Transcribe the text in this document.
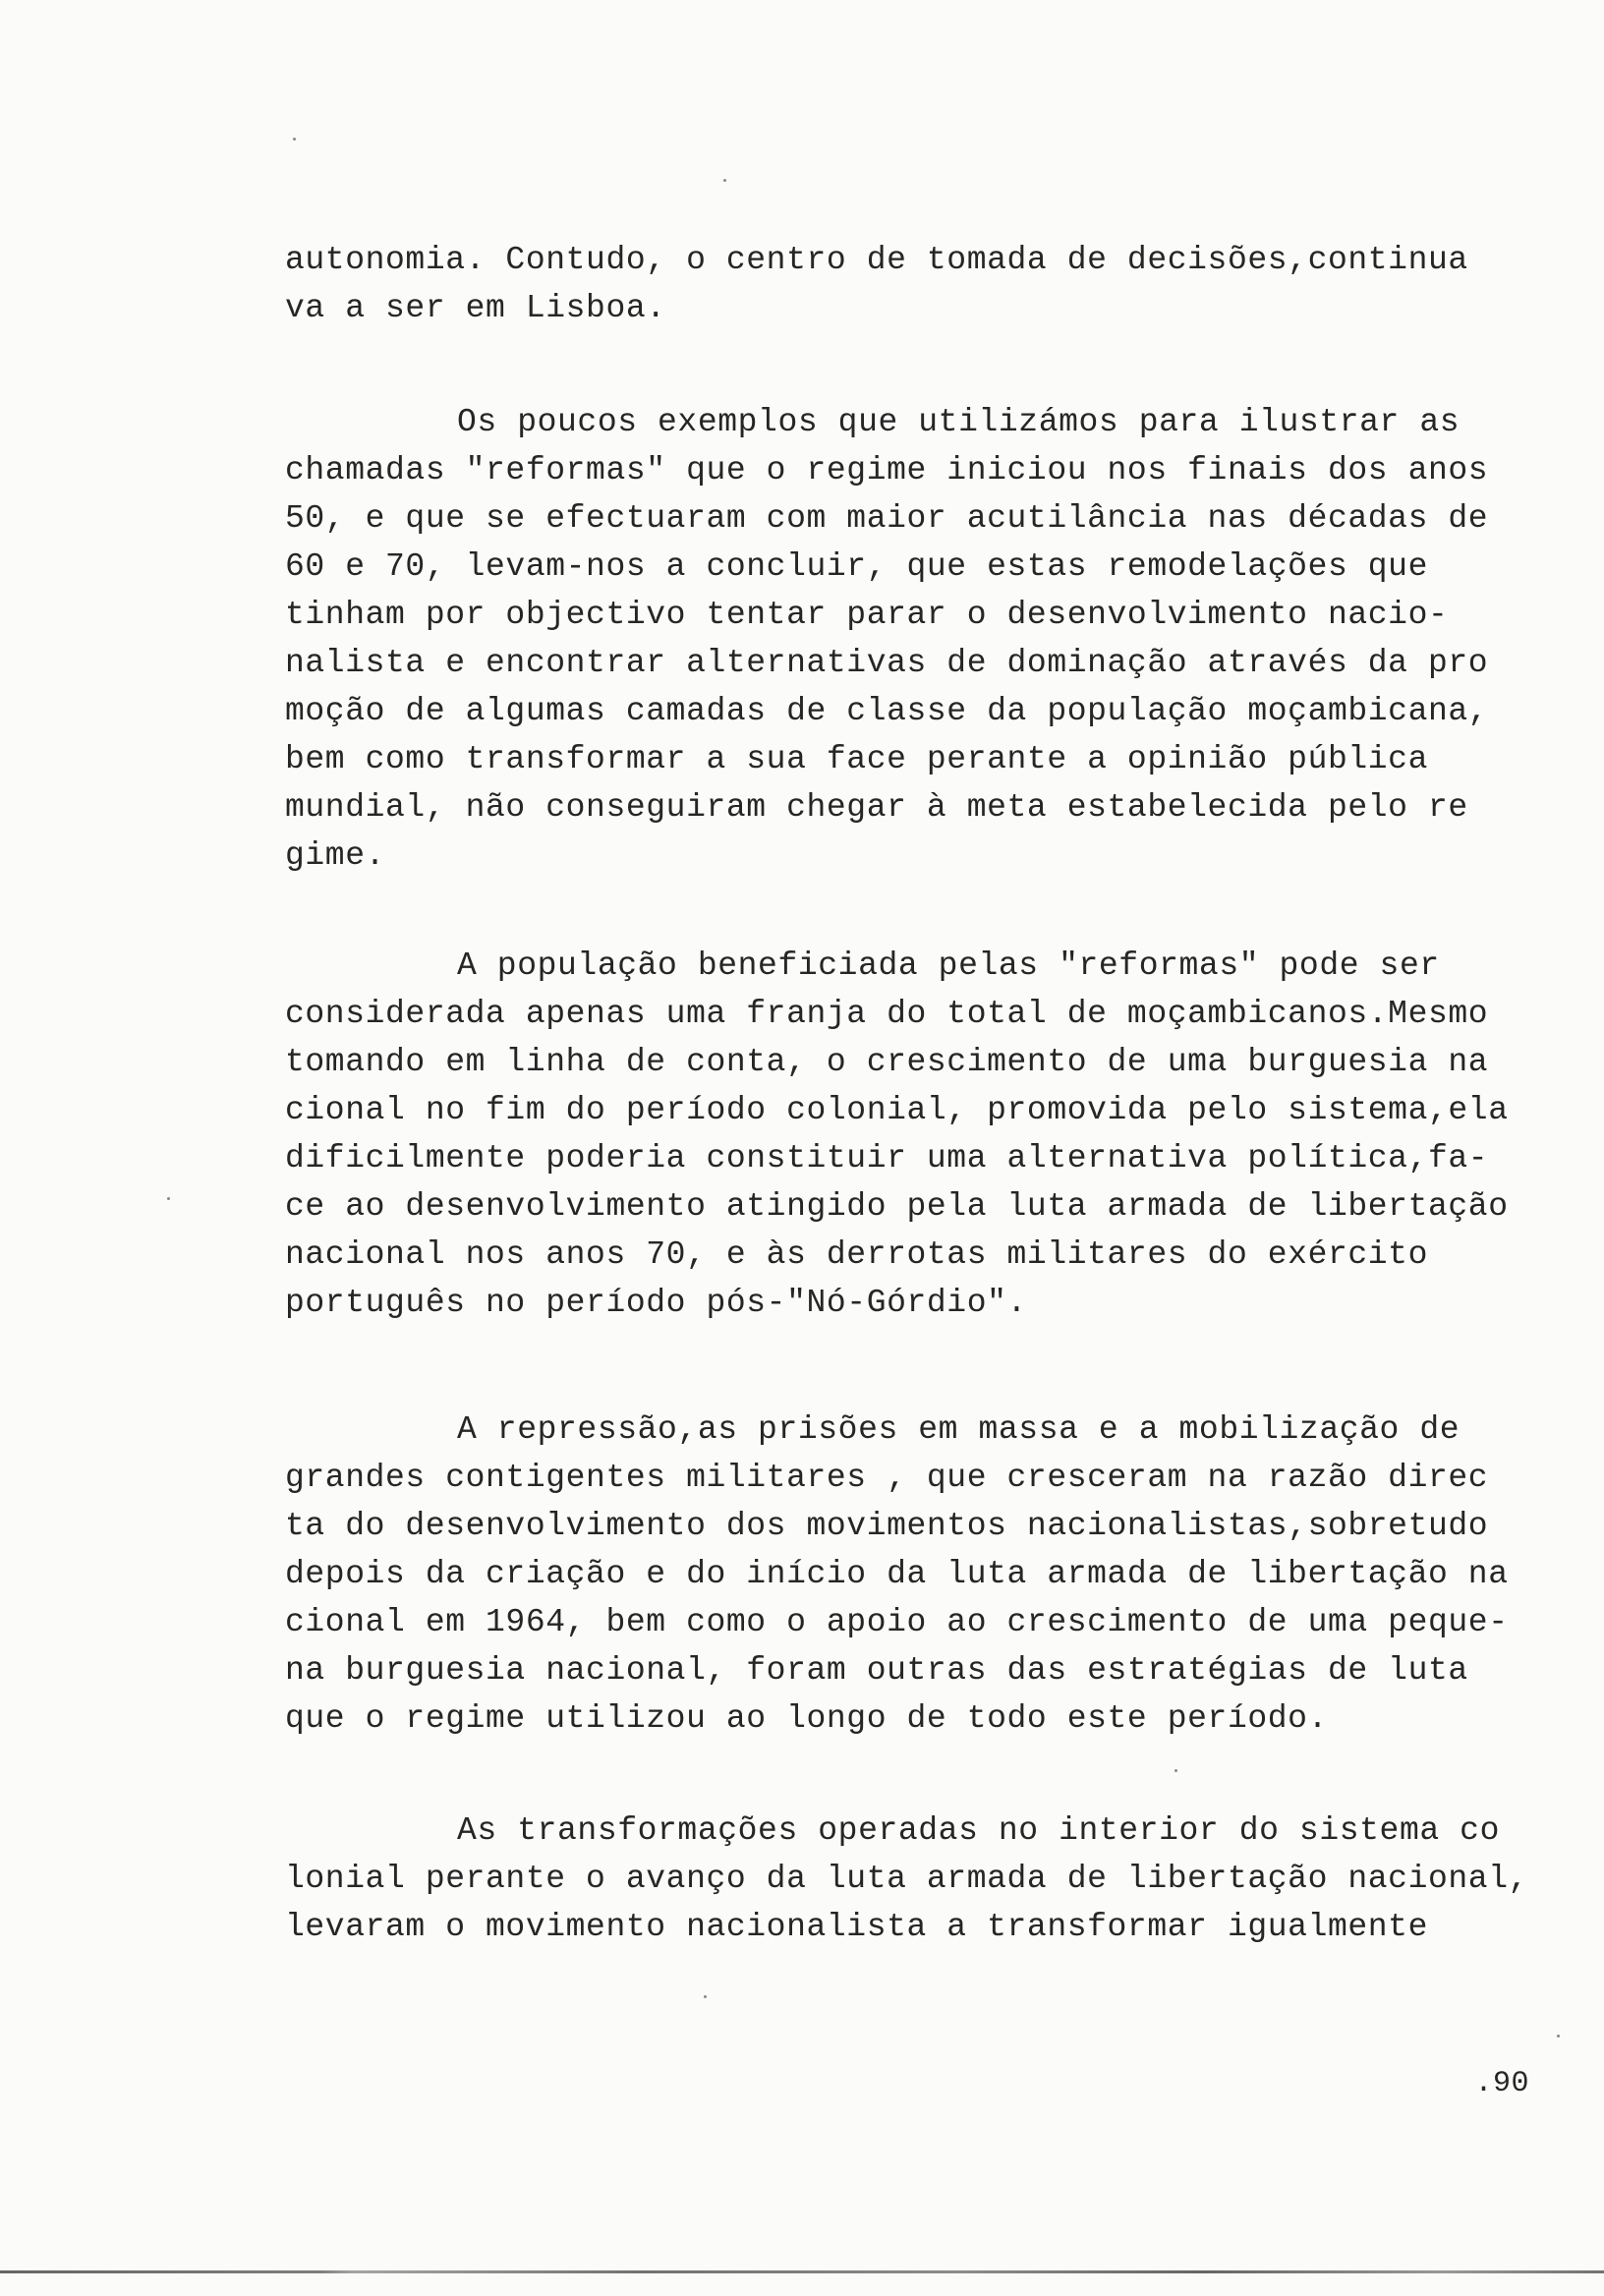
autonomia. Contudo, o centro de tomada de decisões,continua
va a ser em Lisboa.
Os poucos exemplos que utilizámos para ilustrar as
chamadas "reformas" que o regime iniciou nos finais dos anos
50, e que se efectuaram com maior acutilância nas décadas de
60 e 70, levam-nos a concluir, que estas remodelações que
tinham por objectivo tentar parar o desenvolvimento nacio-
nalista e encontrar alternativas de dominação através da pro
moção de algumas camadas de classe da população moçambicana,
bem como transformar a sua face perante a opinião pública
mundial, não conseguiram chegar à meta estabelecida pelo re
gime.
A população beneficiada pelas "reformas" pode ser
considerada apenas uma franja do total de moçambicanos.Mesmo
tomando em linha de conta, o crescimento de uma burguesia na
cional no fim do período colonial, promovida pelo sistema,ela
dificilmente poderia constituir uma alternativa política,fa-
ce ao desenvolvimento atingido pela luta armada de libertação
nacional nos anos 70, e às derrotas militares do exército
português no período pós-"Nó-Górdio".
A repressão,as prisões em massa e a mobilização de
grandes contigentes militares , que cresceram na razão direc
ta do desenvolvimento dos movimentos nacionalistas,sobretudo
depois da criação e do início da luta armada de libertação na
cional em 1964, bem como o apoio ao crescimento de uma peque-
na burguesia nacional, foram outras das estratégias de luta
que o regime utilizou ao longo de todo este período.
As transformações operadas no interior do sistema co
lonial perante o avanço da luta armada de libertação nacional,
levaram o movimento nacionalista a transformar igualmente
.90
